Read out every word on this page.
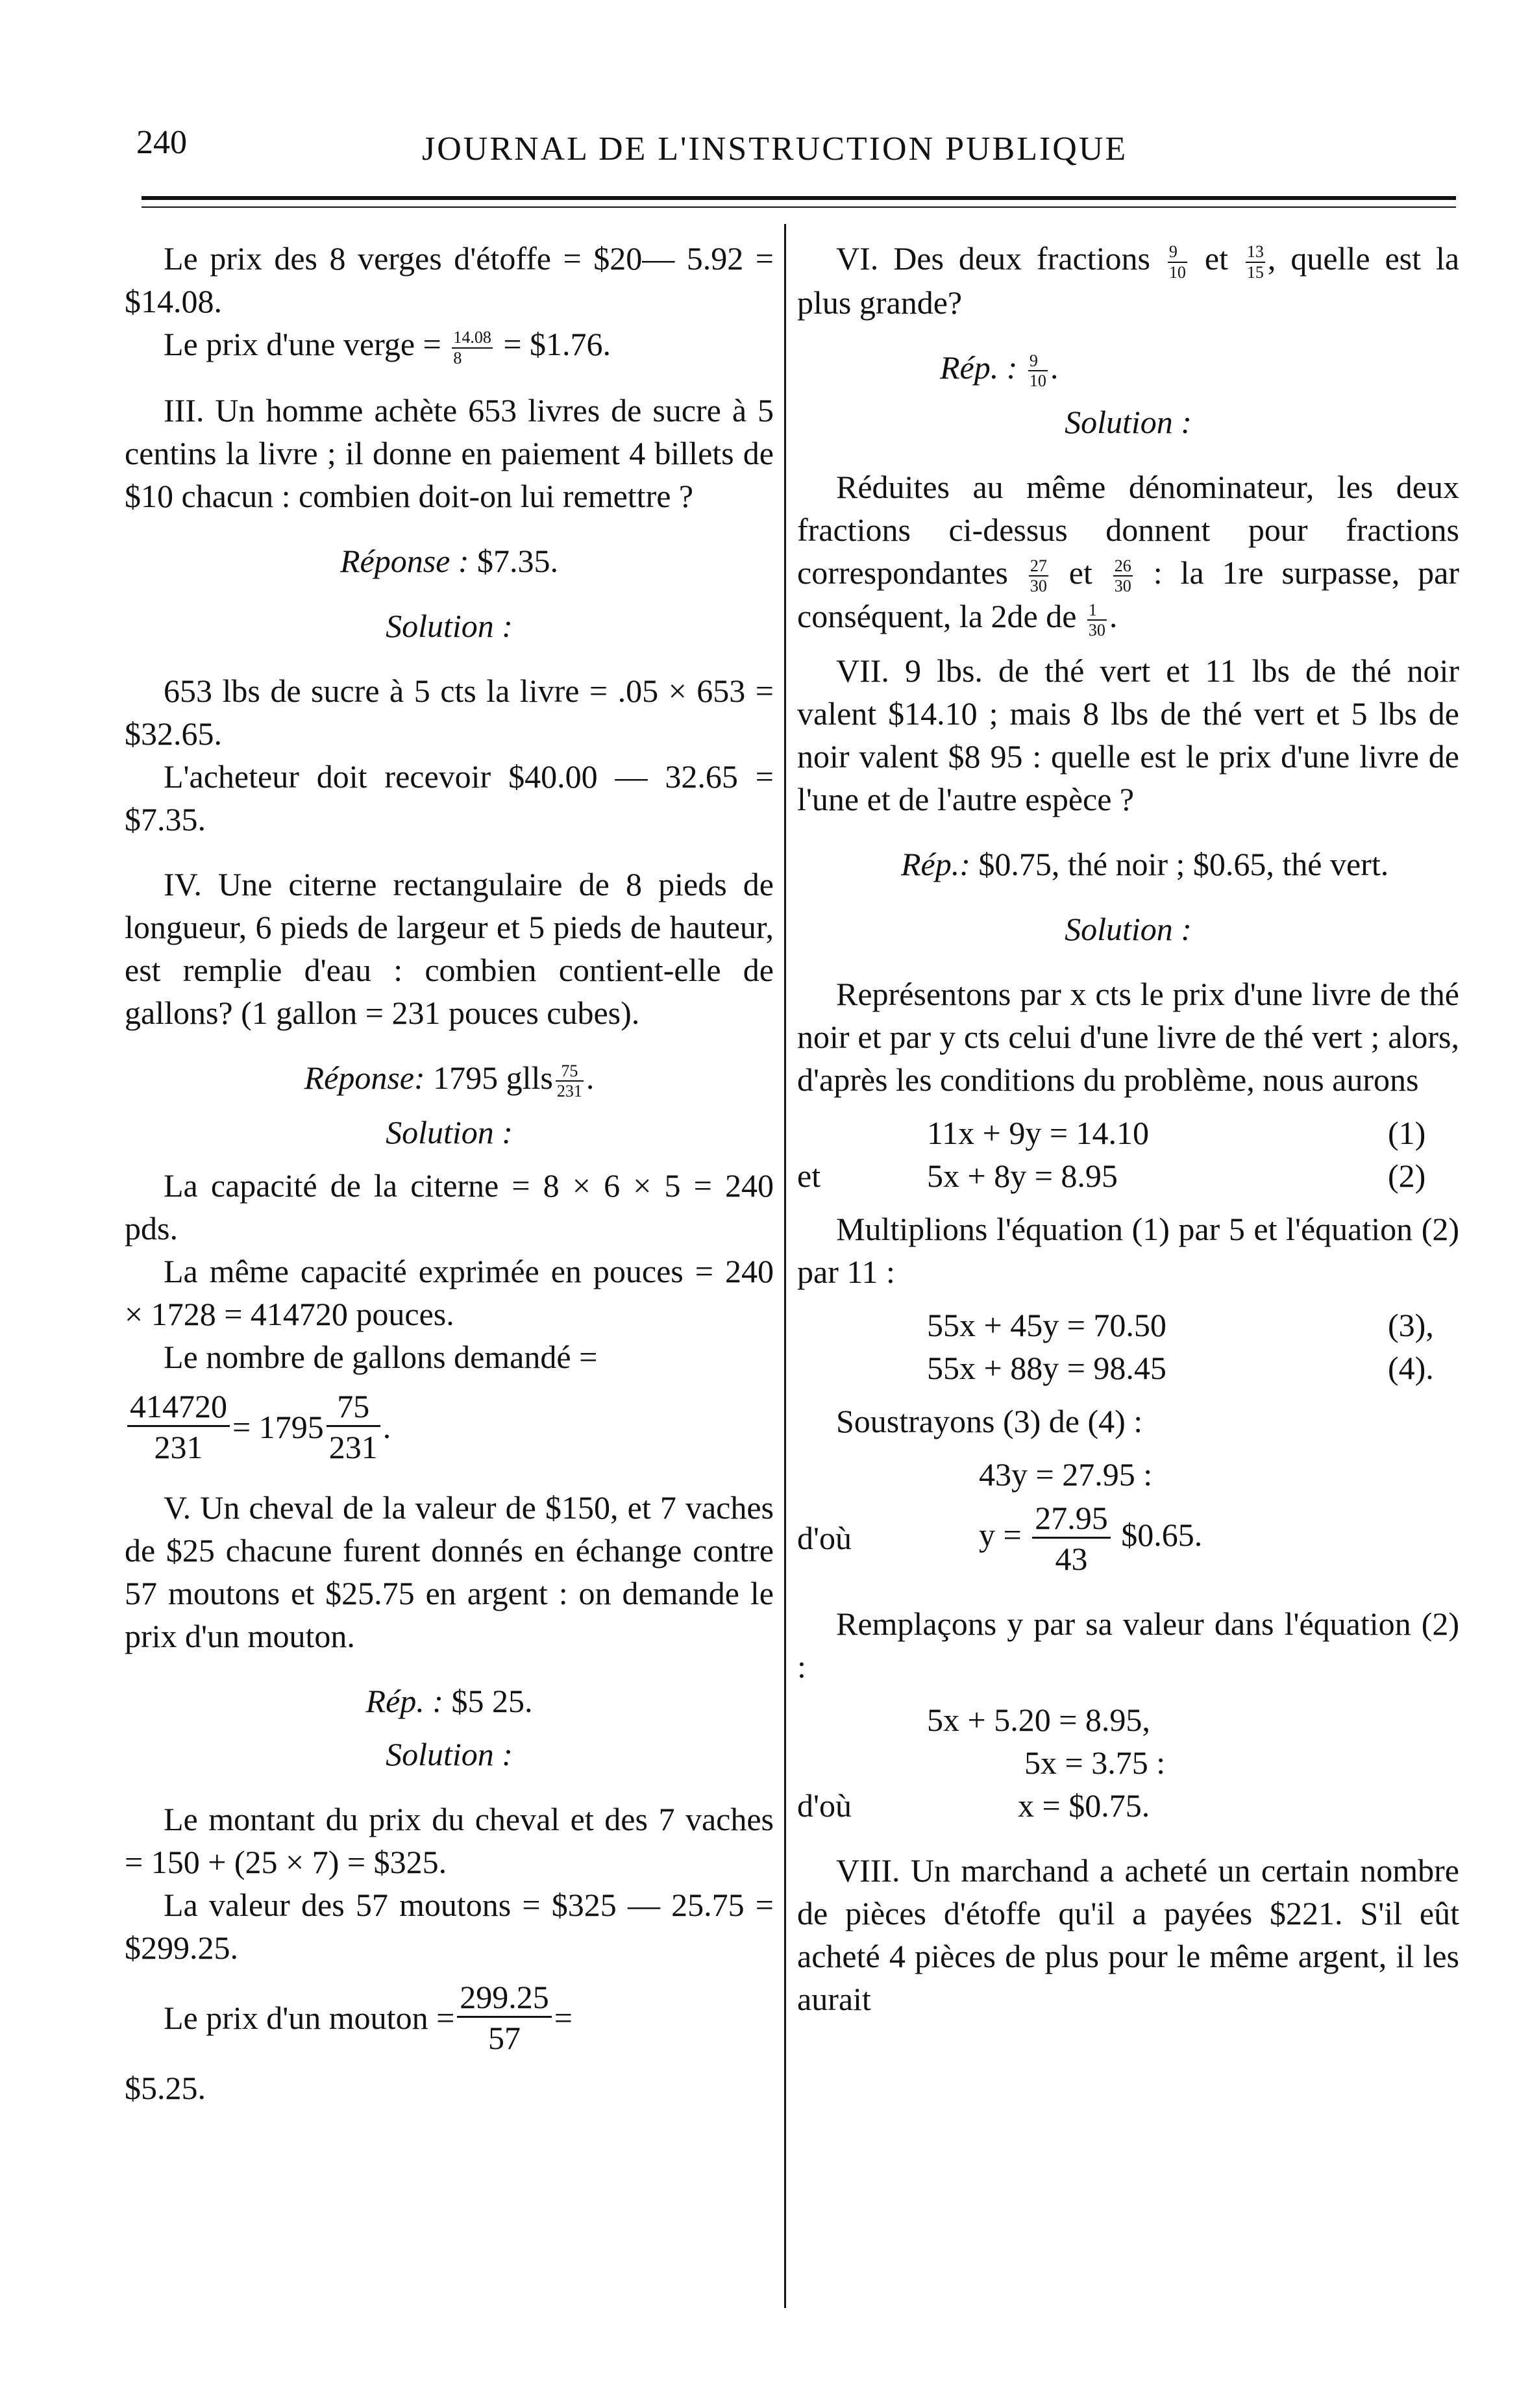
240	JOURNAL DE L'INSTRUCTION PUBLIQUE

Le prix des 8 verges d'étoffe = $20— 5.92 = $14.08.

Le prix d'une verge = $\frac{14.08}{8}$ = $1.76.

III. Un homme achète 653 livres de sucre à 5 centins la livre ; il donne en paiement 4 billets de $10 chacun : combien doit-on lui remettre ?

Réponse : $7.35.

Solution :

653 lbs de sucre à 5 cts la livre = .05 × 653 = $32.65.

L'acheteur doit recevoir $40.00 — 32.65 = $7.35.

IV. Une citerne rectangulaire de 8 pieds de longueur, 6 pieds de largeur et 5 pieds de hauteur, est remplie d'eau : combien contient-elle de gallons? (1 gallon = 231 pouces cubes).

Réponse: 1795 glls $\frac{75}{231}$ .

Solution :

La capacité de la citerne = 8 × 6 × 5 = 240 pds.

La même capacité exprimée en pouces = 240 × 1728 = 414720 pouces.

Le nombre de gallons demandé =

$\frac{414720}{231} = 1795 \frac{75}{231}$ .

V. Un cheval de la valeur de $150, et 7 vaches de $25 chacune furent donnés en échange contre 57 moutons et $25.75 en argent : on demande le prix d'un mouton.

Rép. : $5 25.

Solution :

Le montant du prix du cheval et des 7 vaches = 150 + (25 × 7) = $325.

La valeur des 57 moutons = $325 — 25.75 = $299.25.

Le prix d'un mouton = $\frac{299.25}{57}$ =

$5.25.

VI. Des deux fractions $\frac{9}{10}$ et $\frac{13}{15}$ , quelle est la plus grande?

Rép. : $\frac{9}{10}$ .

Solution :

Réduites au même dénominateur, les deux fractions ci-dessus donnent pour fractions correspondantes $\frac{27}{30}$ et $\frac{26}{30}$ : la 1re surpasse, par conséquent, la 2de de $\frac{1}{30}$ .

VII. 9 lbs. de thé vert et 11 lbs de thé noir valent $14.10 ; mais 8 lbs de thé vert et 5 lbs de noir valent $8 95 : quelle est le prix d'une livre de l'une et de l'autre espèce ?

Rép.: $0.75, thé noir ; $0.65, thé vert.

Solution :

Représentons par x cts le prix d'une livre de thé noir et par y cts celui d'une livre de thé vert ; alors, d'après les conditions du problème, nous aurons

11x + 9y = 14.10	(1)
et	5x + 8y = 8.95	(2)

Multiplions l'équation (1) par 5 et l'équation (2) par 11 :

55x + 45y = 70.50	(3),
55x + 88y = 98.45	(4).

Soustrayons (3) de (4) :

43y = 27.95 :
d'où	$y = \frac{27.95}{43}$ $0.65.

Remplaçons y par sa valeur dans l'équation (2) :

5x + 5.20 = 8.95,
5x = 3.75 :
d'où	x = $0.75.

VIII. Un marchand a acheté un certain nombre de pièces d'étoffe qu'il a payées $221. S'il eût acheté 4 pièces de plus pour le même argent, il les aurait
